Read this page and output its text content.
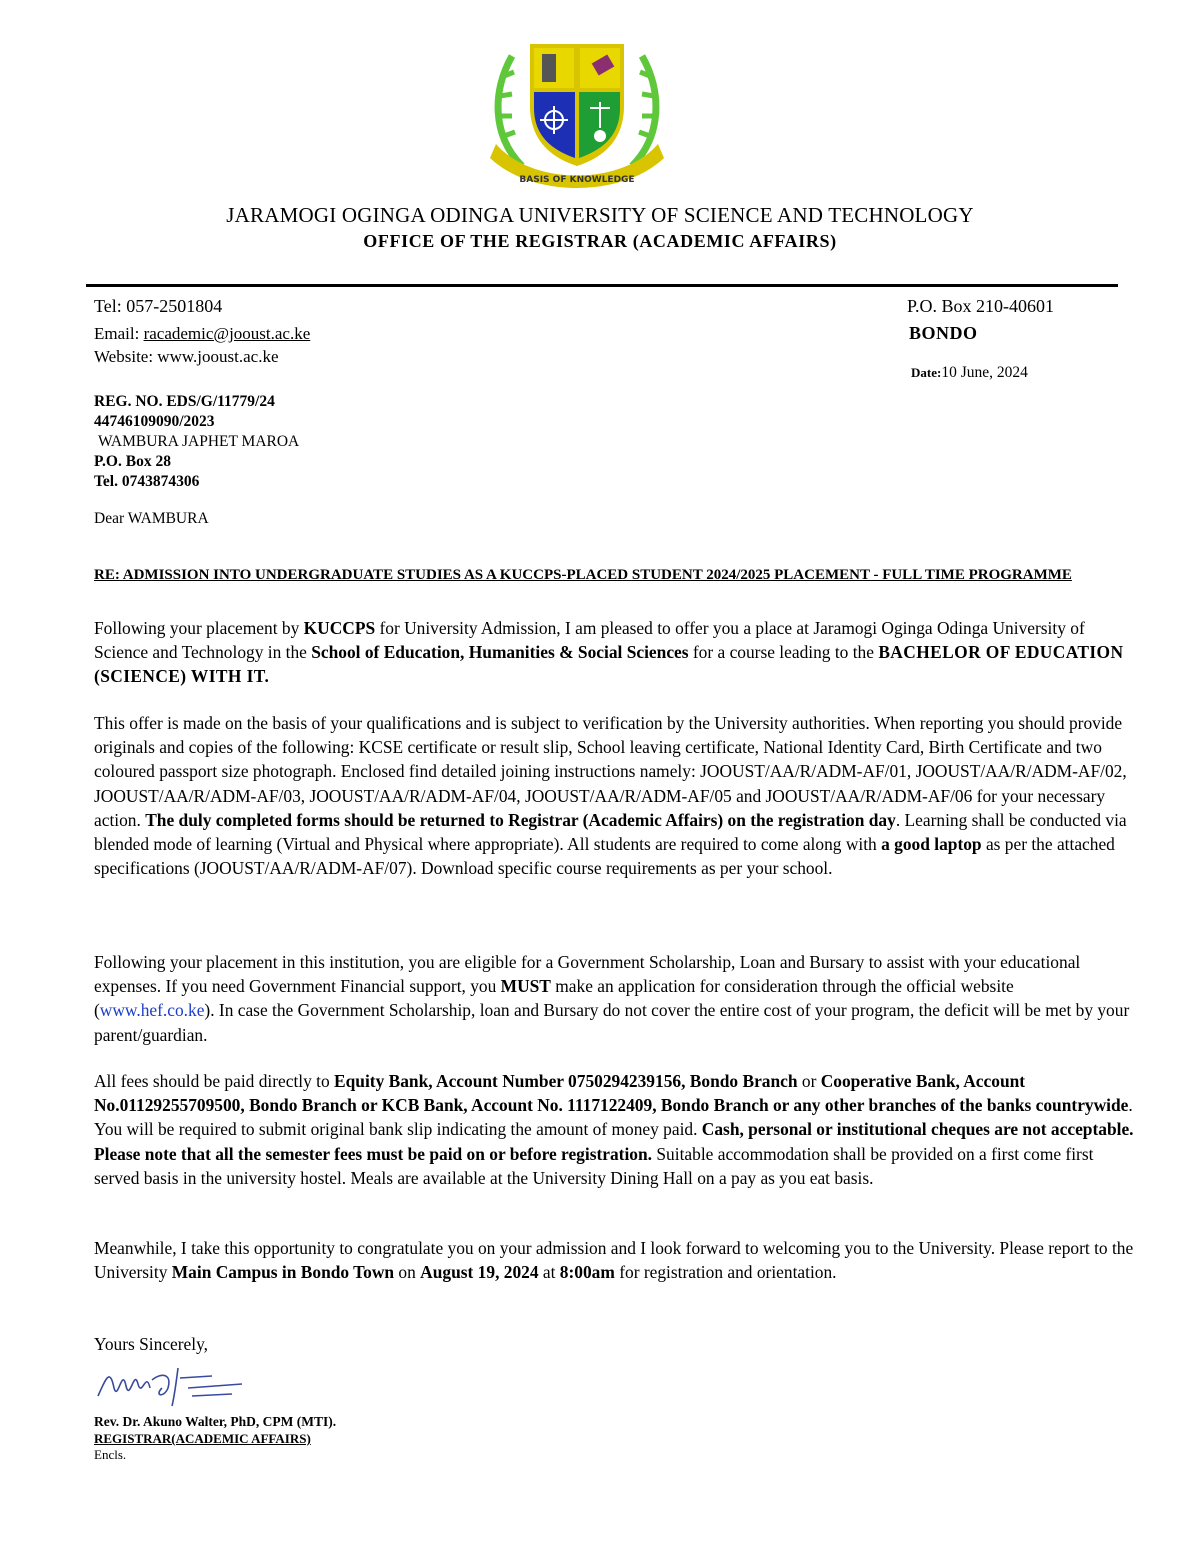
BASIS OF KNOWLEDGE
JARAMOGI OGINGA ODINGA UNIVERSITY OF SCIENCE AND TECHNOLOGY
OFFICE OF THE REGISTRAR (ACADEMIC AFFAIRS)
Tel: 057-2501804
Email: racademic@jooust.ac.ke
Website: www.jooust.ac.ke
P.O. Box 210-40601
BONDO
Date:10 June, 2024
REG. NO. EDS/G/11779/24
44746109090/2023
WAMBURA JAPHET MAROA
P.O. Box 28
Tel. 0743874306
Dear WAMBURA
RE: ADMISSION INTO UNDERGRADUATE STUDIES AS A KUCCPS-PLACED STUDENT 2024/2025 PLACEMENT - FULL TIME PROGRAMME
Following your placement by KUCCPS for University Admission, I am pleased to offer you a place at Jaramogi Oginga Odinga University of Science and Technology in the School of Education, Humanities & Social Sciences for a course leading to the BACHELOR OF EDUCATION (SCIENCE) WITH IT.
This offer is made on the basis of your qualifications and is subject to verification by the University authorities. When reporting you should provide originals and copies of the following: KCSE certificate or result slip, School leaving certificate, National Identity Card, Birth Certificate and two coloured passport size photograph. Enclosed find detailed joining instructions namely: JOOUST/AA/R/ADM-AF/01, JOOUST/AA/R/ADM-AF/02, JOOUST/AA/R/ADM-AF/03, JOOUST/AA/R/ADM-AF/04, JOOUST/AA/R/ADM-AF/05 and JOOUST/AA/R/ADM-AF/06 for your necessary action. The duly completed forms should be returned to Registrar (Academic Affairs) on the registration day. Learning shall be conducted via blended mode of learning (Virtual and Physical where appropriate). All students are required to come along with a good laptop as per the attached specifications (JOOUST/AA/R/ADM-AF/07). Download specific course requirements as per your school.
Following your placement in this institution, you are eligible for a Government Scholarship, Loan and Bursary to assist with your educational expenses. If you need Government Financial support, you MUST make an application for consideration through the official website (www.hef.co.ke). In case the Government Scholarship, loan and Bursary do not cover the entire cost of your program, the deficit will be met by your parent/guardian.
All fees should be paid directly to Equity Bank, Account Number 0750294239156, Bondo Branch or Cooperative Bank, Account No.01129255709500, Bondo Branch or KCB Bank, Account No. 1117122409, Bondo Branch or any other branches of the banks countrywide. You will be required to submit original bank slip indicating the amount of money paid. Cash, personal or institutional cheques are not acceptable. Please note that all the semester fees must be paid on or before registration. Suitable accommodation shall be provided on a first come first served basis in the university hostel. Meals are available at the University Dining Hall on a pay as you eat basis.
Meanwhile, I take this opportunity to congratulate you on your admission and I look forward to welcoming you to the University. Please report to the University Main Campus in Bondo Town on August 19, 2024 at 8:00am for registration and orientation.
Yours Sincerely,
Rev. Dr. Akuno Walter, PhD, CPM (MTI).
REGISTRAR(ACADEMIC AFFAIRS)
Encls.
